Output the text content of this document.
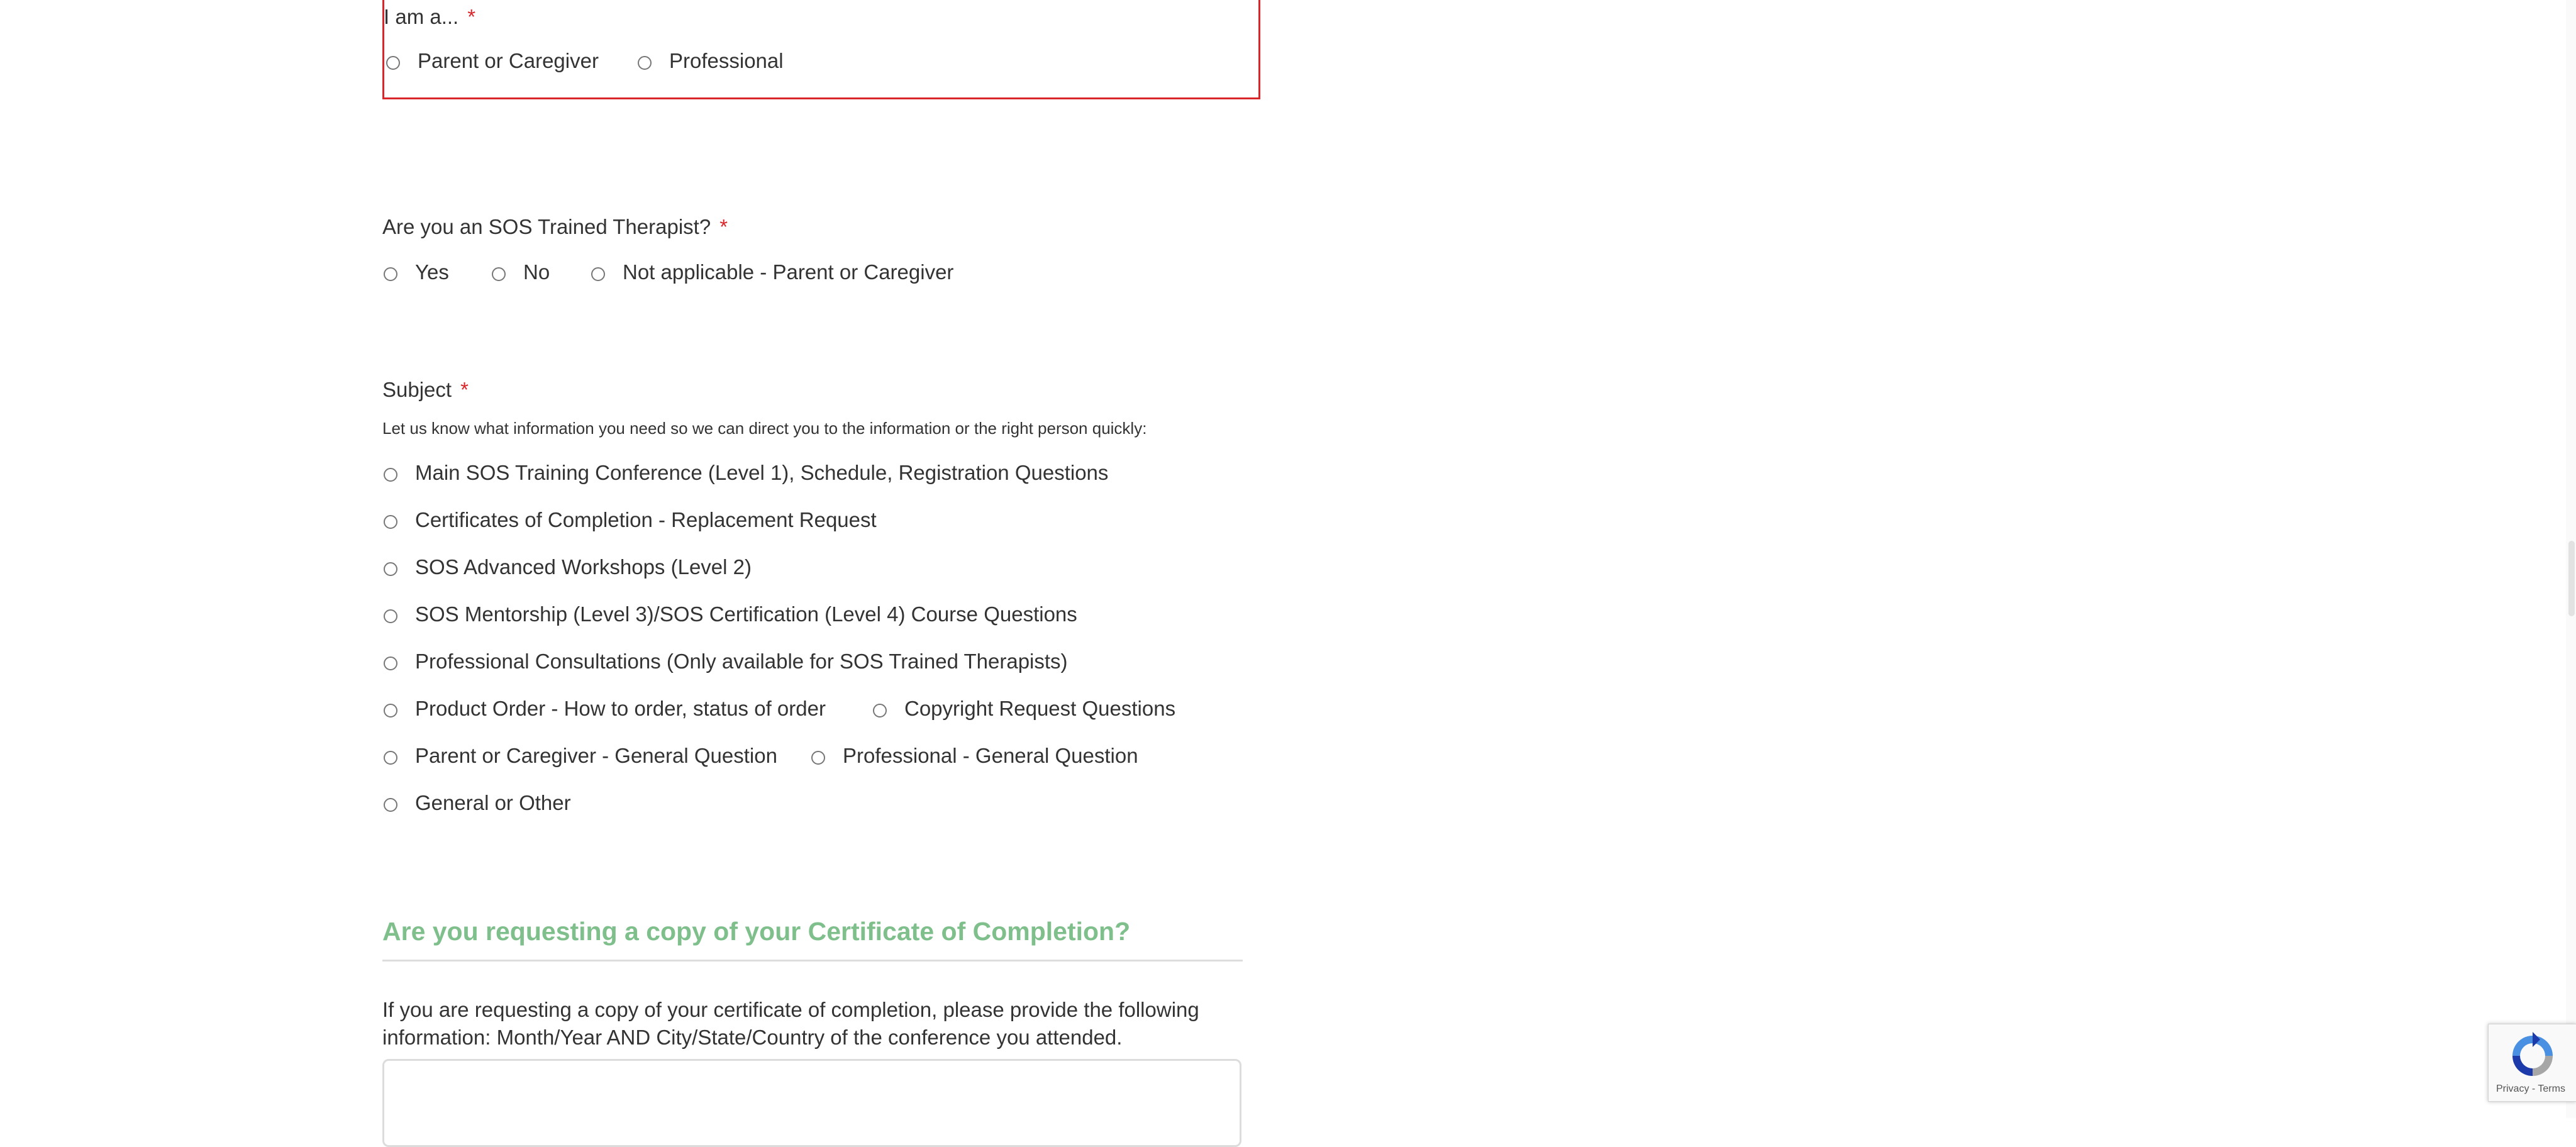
I am a... *
Parent or Caregiver	Professional
Are you an SOS Trained Therapist? *
Yes	No	Not applicable - Parent or Caregiver
Subject *
Let us know what information you need so we can direct you to the information or the right person quickly:
Main SOS Training Conference (Level 1), Schedule, Registration Questions
Certificates of Completion - Replacement Request
SOS Advanced Workshops (Level 2)
SOS Mentorship (Level 3)/SOS Certification (Level 4) Course Questions
Professional Consultations (Only available for SOS Trained Therapists)
Product Order - How to order, status of order	Copyright Request Questions
Parent or Caregiver - General Question	Professional - General Question
General or Other
Are you requesting a copy of your Certificate of Completion?
If you are requesting a copy of your certificate of completion, please provide the following information: Month/Year AND City/State/Country of the conference you attended.
Privacy - Terms
